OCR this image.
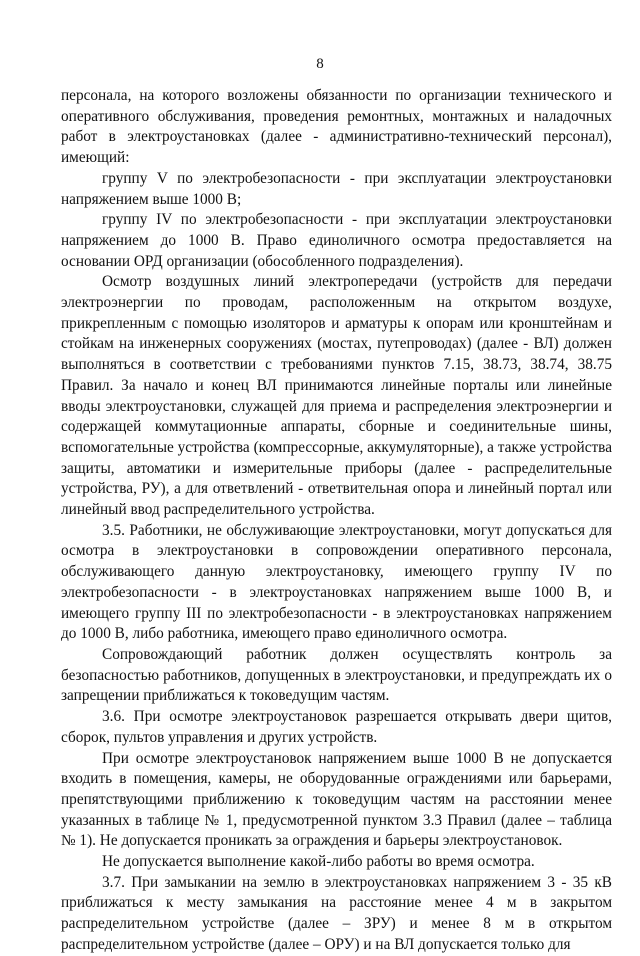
8

персонала, на которого возложены обязанности по организации технического и оперативного обслуживания, проведения ремонтных, монтажных и наладочных работ в электроустановках (далее - административно-технический персонал), имеющий:

группу V по электробезопасности - при эксплуатации электроустановки напряжением выше 1000 В;

группу IV по электробезопасности - при эксплуатации электроустановки напряжением до 1000 В. Право единоличного осмотра предоставляется на основании ОРД организации (обособленного подразделения).

Осмотр воздушных линий электропередачи (устройств для передачи электроэнергии по проводам, расположенным на открытом воздухе, прикрепленным с помощью изоляторов и арматуры к опорам или кронштейнам и стойкам на инженерных сооружениях (мостах, путепроводах) (далее - ВЛ) должен выполняться в соответствии с требованиями пунктов 7.15, 38.73, 38.74, 38.75 Правил. За начало и конец ВЛ принимаются линейные порталы или линейные вводы электроустановки, служащей для приема и распределения электроэнергии и содержащей коммутационные аппараты, сборные и соединительные шины, вспомогательные устройства (компрессорные, аккумуляторные), а также устройства защиты, автоматики и измерительные приборы (далее - распределительные устройства, РУ), а для ответвлений - ответвительная опора и линейный портал или линейный ввод распределительного устройства.

3.5. Работники, не обслуживающие электроустановки, могут допускаться для осмотра в электроустановки в сопровождении оперативного персонала, обслуживающего данную электроустановку, имеющего группу IV по электробезопасности - в электроустановках напряжением выше 1000 В, и имеющего группу III по электробезопасности - в электроустановках напряжением до 1000 В, либо работника, имеющего право единоличного осмотра.

Сопровождающий работник должен осуществлять контроль за безопасностью работников, допущенных в электроустановки, и предупреждать их о запрещении приближаться к токоведущим частям.

3.6. При осмотре электроустановок разрешается открывать двери щитов, сборок, пультов управления и других устройств.

При осмотре электроустановок напряжением выше 1000 В не допускается входить в помещения, камеры, не оборудованные ограждениями или барьерами, препятствующими приближению к токоведущим частям на расстоянии менее указанных в таблице № 1, предусмотренной пунктом 3.3 Правил (далее – таблица № 1). Не допускается проникать за ограждения и барьеры электроустановок.

Не допускается выполнение какой-либо работы во время осмотра.

3.7. При замыкании на землю в электроустановках напряжением 3 - 35 кВ приближаться к месту замыкания на расстояние менее 4 м в закрытом распределительном устройстве (далее – ЗРУ) и менее 8 м в открытом распределительном устройстве (далее – ОРУ) и на ВЛ допускается только для
